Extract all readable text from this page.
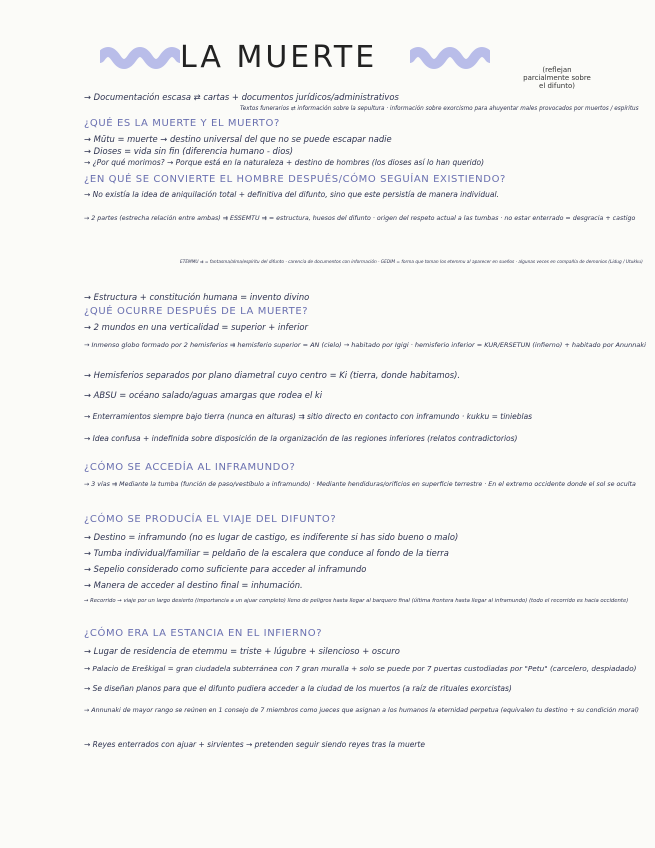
LA MUERTE	(reflejan parcialmente sobre el difunto)
→ Documentación escasa ⇄ cartas + documentos jurídicos/administrativos
Textos funerarios ⇄ información sobre la sepultura · información sobre exorcismo para ahuyentar males provocados por muertos / espíritus
¿QUÉ ES LA MUERTE Y EL MUERTO?
→ Mūtu = muerte → destino universal del que no se puede escapar nadie
→ Dioses = vida sin fin (diferencia humano - dios)
→ ¿Por qué morimos? → Porque está en la naturaleza + destino de hombres (los dioses así lo han querido)
¿EN QUÉ SE CONVIERTE EL HOMBRE DESPUÉS/CÓMO SEGUÍAN EXISTIENDO?
→ No existía la idea de aniquilación total + definitiva del difunto, sino que este persistía de manera individual.
→ 2 partes (estrecha relación entre ambas) ⇉ ESSEMTU ⇉ = estructura, huesos del difunto · origen del respeto actual a las tumbas · no estar enterrado = desgracia + castigo
ETEMMU ⇉ = fantasma/alma/espíritu del difunto · carencia de documentos con información · GEDIM = forma que toman los etemmu al aparecer en sueños · algunas veces en compañía de demonios (Lidug / Utukku)
→ Estructura + constitución humana = invento divino
¿QUÉ OCURRE DESPUÉS DE LA MUERTE?
→ 2 mundos en una verticalidad = superior + inferior
→ Inmenso globo formado por 2 hemisferios ⇉ hemisferio superior = AN (cielo) → habitado por Igigi · hemisferio inferior = KUR/ERSETUN (infierno) + habitado por Anunnaki
→ Hemisferios separados por plano diametral cuyo centro = Ki (tierra, donde habitamos).
→ ABSU = océano salado/aguas amargas que rodea el ki
→ Enterramientos siempre bajo tierra (nunca en alturas) ⇉ sitio directo en contacto con inframundo · kukku = tinieblas
→ Idea confusa + indefinida sobre disposición de la organización de las regiones inferiores (relatos contradictorios)
¿CÓMO SE ACCEDÍA AL INFRAMUNDO?
→ 3 vías ⇉ Mediante la tumba (función de paso/vestíbulo a inframundo) · Mediante hendiduras/orificios en superficie terrestre · En el extremo occidente donde el sol se oculta
¿CÓMO SE PRODUCÍA EL VIAJE DEL DIFUNTO?
→ Destino = inframundo (no es lugar de castigo, es indiferente si has sido bueno o malo)
→ Tumba individual/familiar = peldaño de la escalera que conduce al fondo de la tierra
→ Sepelio considerado como suficiente para acceder al inframundo
→ Manera de acceder al destino final = inhumación.
→ Recorrido → viaje por un largo desierto (importancia a un ajuar completo) lleno de peligros hasta llegar al barquero final (última frontera hasta llegar al inframundo) (todo el recorrido es hacia occidente)
¿CÓMO ERA LA ESTANCIA EN EL INFIERNO?
→ Lugar de residencia de etemmu = triste + lúgubre + silencioso + oscuro
→ Palacio de Ereškigal = gran ciudadela subterránea con 7 gran muralla + solo se puede por 7 puertas custodiadas por "Petu" (carcelero, despiadado)
→ Se diseñan planos para que el difunto pudiera acceder a la ciudad de los muertos (a raíz de rituales exorcistas)
→ Annunaki de mayor rango se reúnen en 1 consejo de 7 miembros como jueces que asignan a los humanos la eternidad perpetua (equivalen tu destino + su condición moral)
→ Reyes enterrados con ajuar + sirvientes → pretenden seguir siendo reyes tras la muerte
